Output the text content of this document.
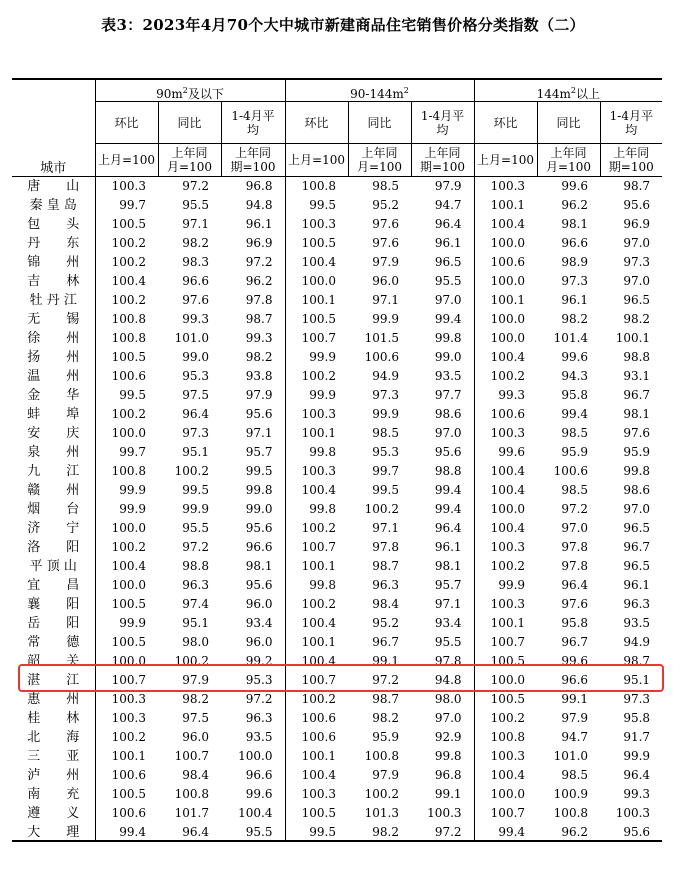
表3：2023年4月70个大中城市新建商品住宅销售价格分类指数（二）
城市	$90m^2$及以下			$90-144m^2$			$144m^2$以上		
	环比	同比	1-4月平均	环比	同比	1-4月平均	环比	同比	1-4月平均
	上月=100	上年同月=100	上年同期=100	上月=100	上年同月=100	上年同期=100	上月=100	上年同月=100	上年同期=100
唐　　山	100.3	97.2	96.8	100.8	98.5	97.9	100.3	99.6	98.7
秦 皇 岛	99.7	95.5	94.8	99.5	95.2	94.7	100.1	96.2	95.6
包　　头	100.5	97.1	96.1	100.3	97.6	96.4	100.4	98.1	96.9
丹　　东	100.2	98.2	96.9	100.5	97.6	96.1	100.0	96.6	97.0
锦　　州	100.2	98.3	97.2	100.4	97.9	96.5	100.6	98.9	97.3
吉　　林	100.4	96.6	96.2	100.0	96.0	95.5	100.0	97.3	97.0
牡 丹 江	100.2	97.6	97.8	100.1	97.1	97.0	100.1	96.1	96.5
无　　锡	100.8	99.3	98.7	100.5	99.9	99.4	100.0	98.2	98.2
徐　　州	100.8	101.0	99.3	100.7	101.5	99.8	100.0	101.4	100.1
扬　　州	100.5	99.0	98.2	99.9	100.6	99.0	100.4	99.6	98.8
温　　州	100.6	95.3	93.8	100.2	94.9	93.5	100.2	94.3	93.1
金　　华	99.5	97.5	97.9	99.9	97.3	97.7	99.3	95.8	96.7
蚌　　埠	100.2	96.4	95.6	100.3	99.9	98.6	100.6	99.4	98.1
安　　庆	100.0	97.3	97.1	100.1	98.5	97.0	100.3	98.5	97.6
泉　　州	99.7	95.1	95.7	99.8	95.3	95.6	99.6	95.9	95.9
九　　江	100.8	100.2	99.5	100.3	99.7	98.8	100.4	100.6	99.8
赣　　州	99.9	99.5	99.8	100.4	99.5	99.4	100.4	98.5	98.6
烟　　台	99.9	99.9	99.0	99.8	100.2	99.4	100.0	97.2	97.0
济　　宁	100.0	95.5	95.6	100.2	97.1	96.4	100.4	97.0	96.5
洛　　阳	100.2	97.2	96.6	100.7	97.8	96.1	100.3	97.8	96.7
平 顶 山	100.4	98.8	98.1	100.1	98.7	98.1	100.2	97.8	96.5
宜　　昌	100.0	96.3	95.6	99.8	96.3	95.7	99.9	96.4	96.1
襄　　阳	100.5	97.4	96.0	100.2	98.4	97.1	100.3	97.6	96.3
岳　　阳	99.9	95.1	93.4	100.4	95.2	93.4	100.1	95.8	93.5
常　　德	100.5	98.0	96.0	100.1	96.7	95.5	100.7	96.7	94.9
韶　　关	100.0	100.2	99.2	100.4	99.1	97.8	100.5	99.6	98.7
湛　　江	100.7	97.9	95.3	100.7	97.2	94.8	100.0	96.6	95.1
惠　　州	100.3	98.2	97.2	100.2	98.7	98.0	100.5	99.1	97.3
桂　　林	100.3	97.5	96.3	100.6	98.2	97.0	100.2	97.9	95.8
北　　海	100.2	96.0	93.5	100.6	95.9	92.9	100.8	94.7	91.7
三　　亚	100.1	100.7	100.0	100.1	100.8	99.8	100.3	101.0	99.9
泸　　州	100.6	98.4	96.6	100.4	97.9	96.8	100.4	98.5	96.4
南　　充	100.5	100.8	99.6	100.3	100.2	99.1	100.0	100.9	99.3
遵　　义	100.6	101.7	100.4	100.5	101.3	100.3	100.7	100.8	100.3
大　　理	99.4	96.4	95.5	99.5	98.2	97.2	99.4	96.2	95.6
